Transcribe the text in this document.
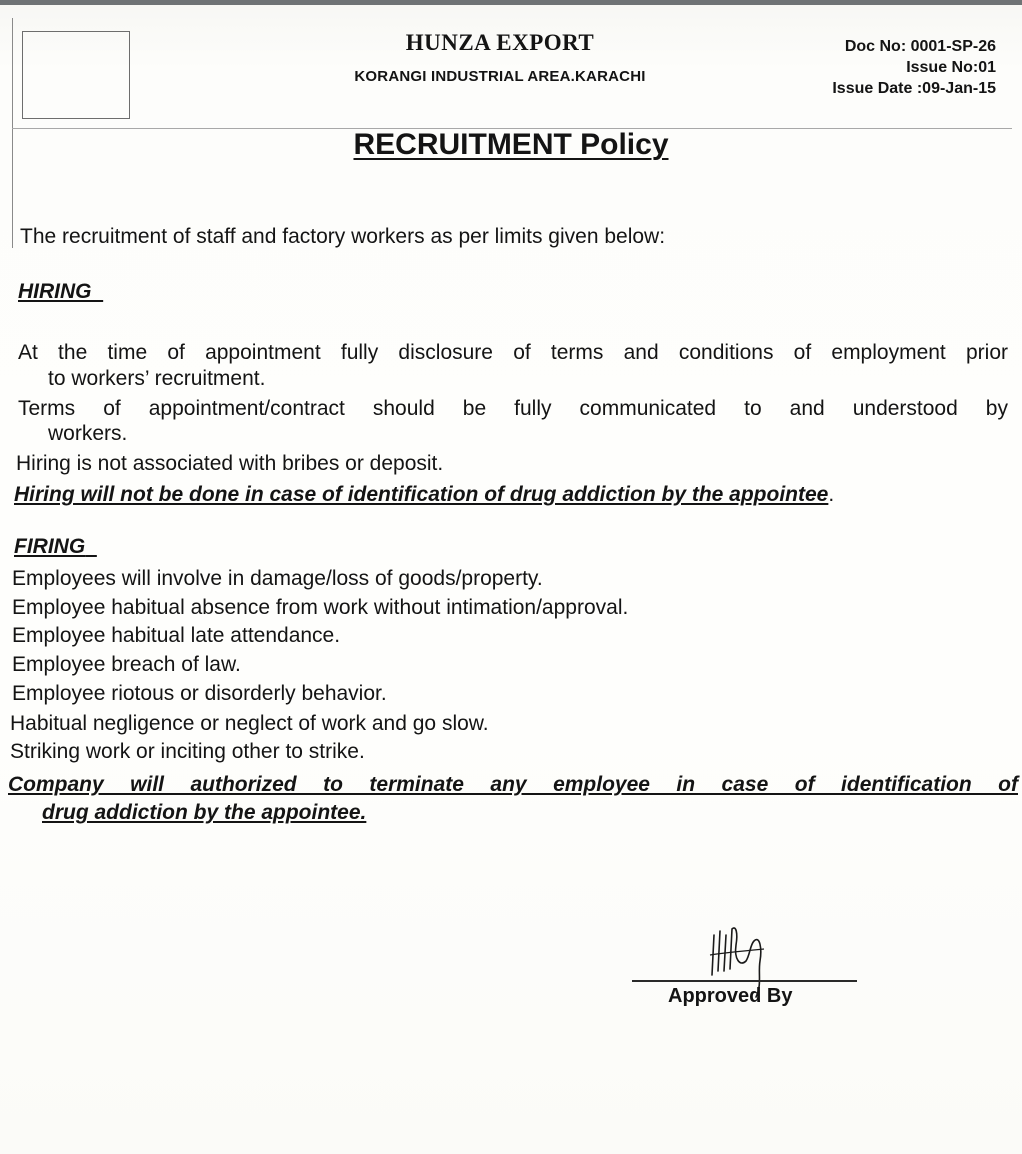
HUNZA EXPORT
KORANGI INDUSTRIAL AREA.KARACHI
Doc No: 0001-SP-26
Issue No:01
Issue Date :09-Jan-15
RECRUITMENT Policy
The recruitment of staff and factory workers as per limits given below:
HIRING
At the time of appointment fully disclosure of terms and conditions of employment prior
to workers’ recruitment.
Terms of appointment/contract should be fully communicated to and understood by
workers.
Hiring is not associated with bribes or deposit.
Hiring will not be done in case of identification of drug addiction by the appointee.
FIRING
Employees will involve in damage/loss of goods/property.
Employee habitual absence from work without intimation/approval.
Employee habitual late attendance.
Employee breach of law.
Employee riotous or disorderly behavior.
Habitual negligence or neglect of work and go slow.
Striking work or inciting other to strike.
Company will authorized to terminate any employee in case of identification of
drug addiction by the appointee.
Approved By
